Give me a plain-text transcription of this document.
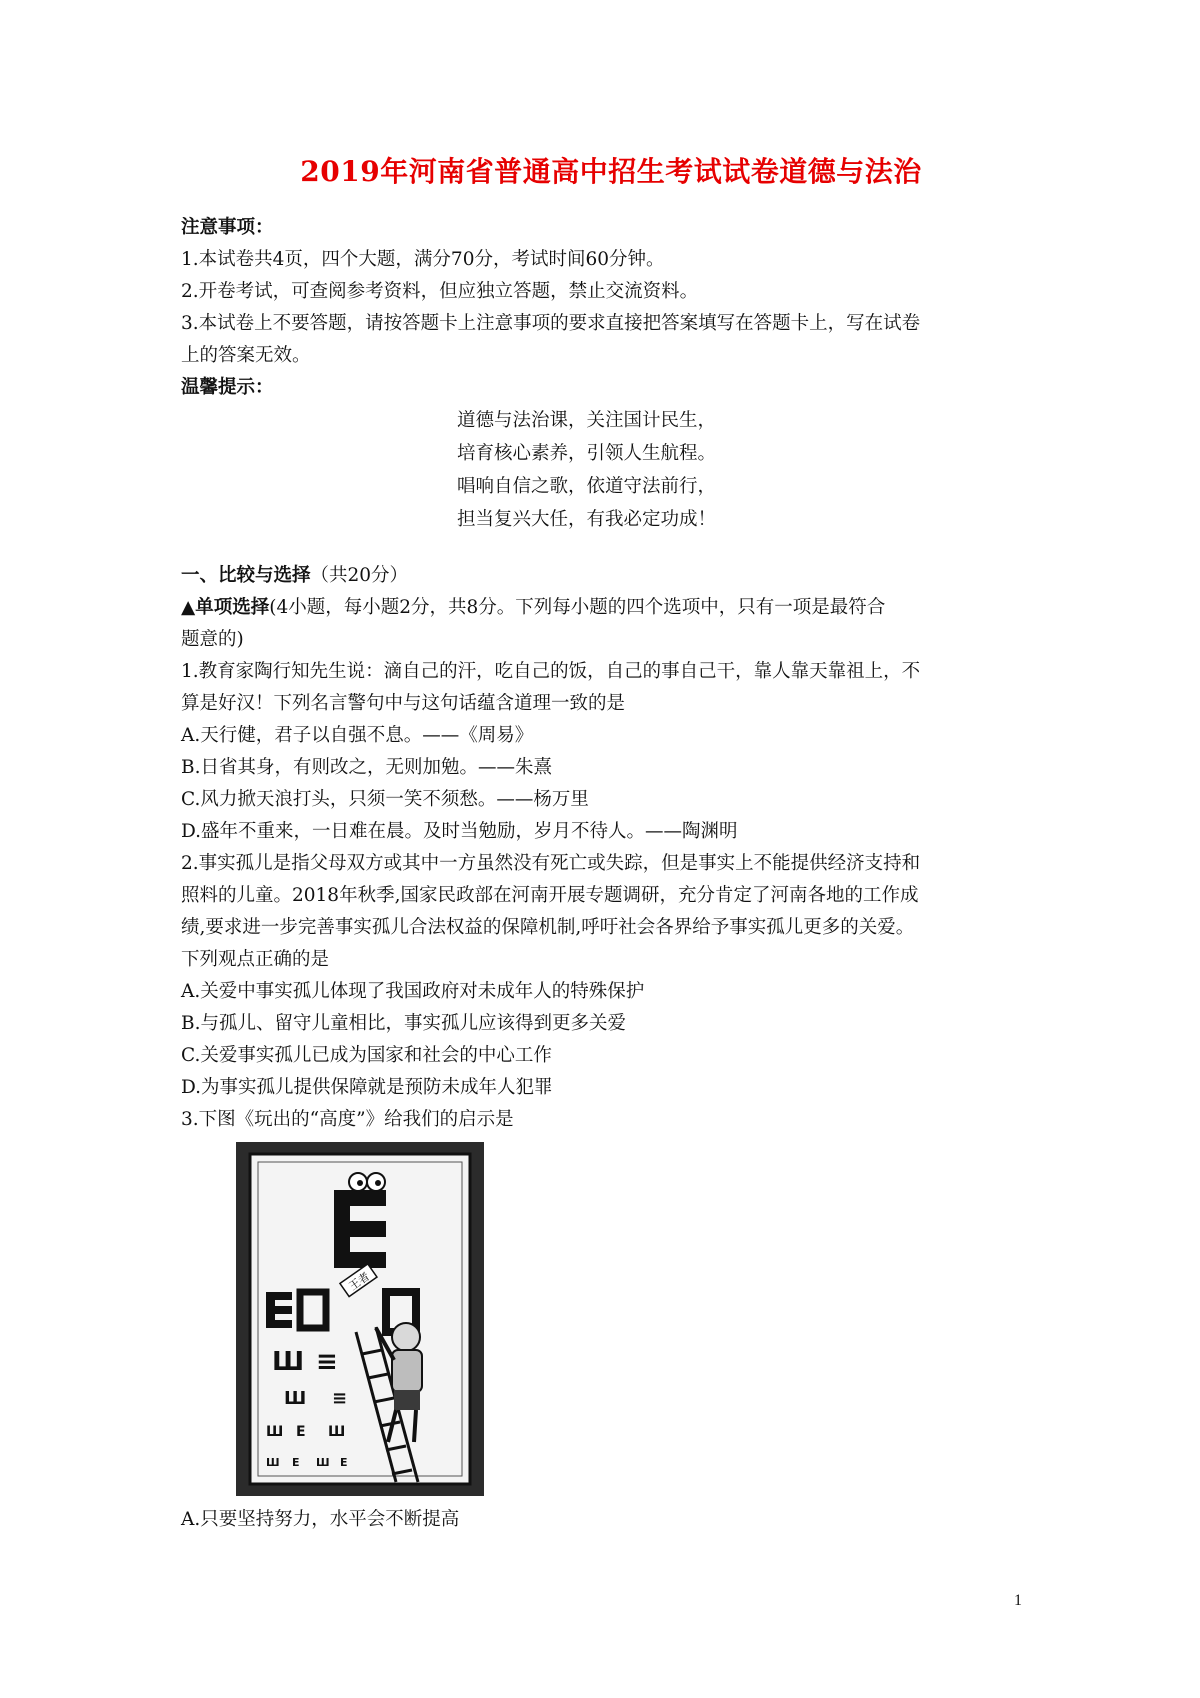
2019年河南省普通高中招生考试试卷道德与法治

注意事项：

1.本试卷共4页，四个大题，满分70分，考试时间60分钟。

2.开卷考试，可查阅参考资料，但应独立答题，禁止交流资料。

3.本试卷上不要答题，请按答题卡上注意事项的要求直接把答案填写在答题卡上，写在试卷

上的答案无效。

温馨提示：

道德与法治课，关注国计民生，

培育核心素养，引领人生航程。

唱响自信之歌，依道守法前行，

担当复兴大任，有我必定功成！

一、比较与选择（共20分）

▲单项选择(4小题，每小题2分，共8分。下列每小题的四个选项中，只有一项是最符合

题意的)

1.教育家陶行知先生说：滴自己的汗，吃自己的饭，自己的事自己干，靠人靠天靠祖上，不

算是好汉！下列名言警句中与这句话蕴含道理一致的是

A.天行健，君子以自强不息。——《周易》

B.日省其身，有则改之，无则加勉。——朱熹

C.风力掀天浪打头，只须一笑不须愁。——杨万里

D.盛年不重来，一日难在晨。及时当勉励，岁月不待人。——陶渊明

2.事实孤儿是指父母双方或其中一方虽然没有死亡或失踪，但是事实上不能提供经济支持和

照料的儿童。2018年秋季,国家民政部在河南开展专题调研，充分肯定了河南各地的工作成

绩,要求进一步完善事实孤儿合法权益的保障机制,呼吁社会各界给予事实孤儿更多的关爱。

下列观点正确的是

A.关爱中事实孤儿体现了我国政府对未成年人的特殊保护

B.与孤儿、留守儿童相比，事实孤儿应该得到更多关爱

C.关爱事实孤儿已成为国家和社会的中心工作

D.为事实孤儿提供保障就是预防未成年人犯罪

3.下图《玩出的“高度”》给我们的启示是

王者
Ш ≡
Ш ≡
Ш Е Ш
Ш Е Ш Е

A.只要坚持努力，水平会不断提高

1
